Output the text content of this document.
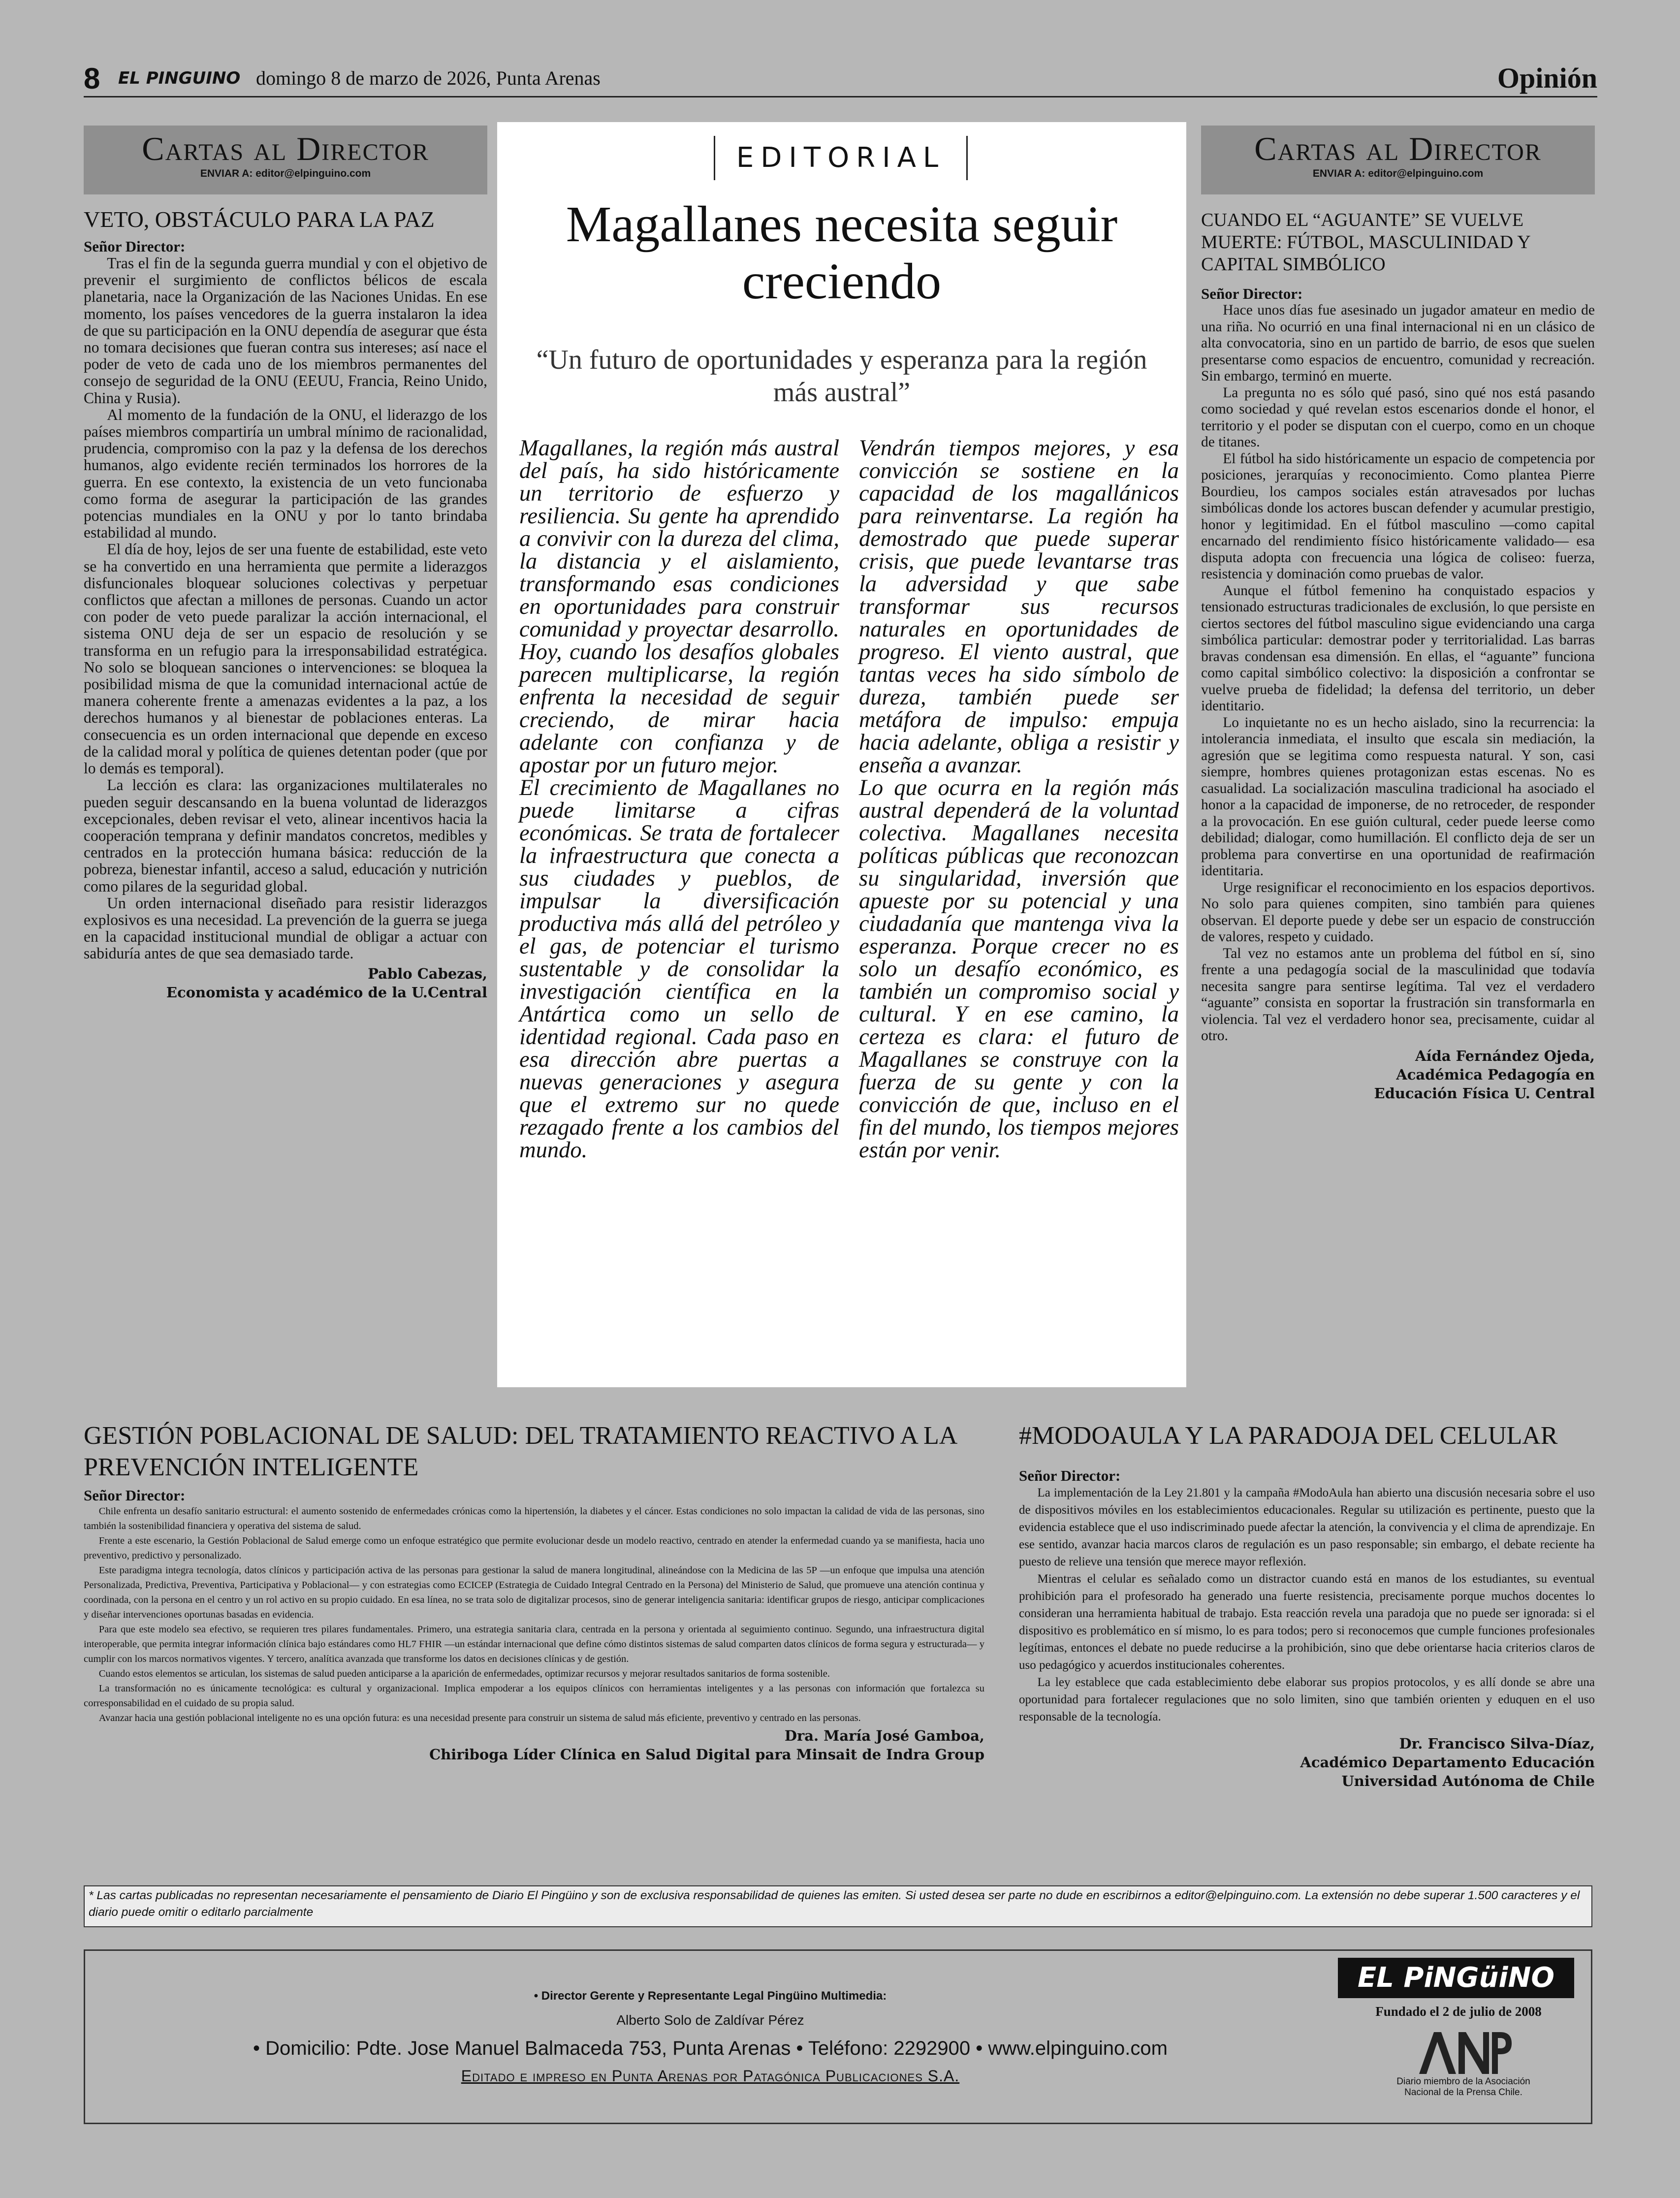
8 EL PINGUINO domingo 8 de marzo de 2026, Punta Arenas	Opinión
Cartas al Director
ENVIAR A: editor@elpinguino.com
VETO, OBSTÁCULO PARA LA PAZ
Señor Director:

Tras el fin de la segunda guerra mundial y con el objetivo de prevenir el surgimiento de conflictos bélicos de escala planetaria, nace la Organización de las Naciones Unidas. En ese momento, los países vencedores de la guerra instalaron la idea de que su participación en la ONU dependía de asegurar que ésta no tomara decisiones que fueran contra sus intereses; así nace el poder de veto de cada uno de los miembros permanentes del consejo de seguridad de la ONU (EEUU, Francia, Reino Unido, China y Rusia).

Al momento de la fundación de la ONU, el liderazgo de los países miembros compartiría un umbral mínimo de racionalidad, prudencia, compromiso con la paz y la defensa de los derechos humanos, algo evidente recién terminados los horrores de la guerra. En ese contexto, la existencia de un veto funcionaba como forma de asegurar la participación de las grandes potencias mundiales en la ONU y por lo tanto brindaba estabilidad al mundo.

El día de hoy, lejos de ser una fuente de estabilidad, este veto se ha convertido en una herramienta que permite a liderazgos disfuncionales bloquear soluciones colectivas y perpetuar conflictos que afectan a millones de personas. Cuando un actor con poder de veto puede paralizar la acción internacional, el sistema ONU deja de ser un espacio de resolución y se transforma en un refugio para la irresponsabilidad estratégica. No solo se bloquean sanciones o intervenciones: se bloquea la posibilidad misma de que la comunidad internacional actúe de manera coherente frente a amenazas evidentes a la paz, a los derechos humanos y al bienestar de poblaciones enteras. La consecuencia es un orden internacional que depende en exceso de la calidad moral y política de quienes detentan poder (que por lo demás es temporal).

La lección es clara: las organizaciones multilaterales no pueden seguir descansando en la buena voluntad de liderazgos excepcionales, deben revisar el veto, alinear incentivos hacia la cooperación temprana y definir mandatos concretos, medibles y centrados en la protección humana básica: reducción de la pobreza, bienestar infantil, acceso a salud, educación y nutrición como pilares de la seguridad global.

Un orden internacional diseñado para resistir liderazgos explosivos es una necesidad. La prevención de la guerra se juega en la capacidad institucional mundial de obligar a actuar con sabiduría antes de que sea demasiado tarde.

Pablo Cabezas,
Economista y académico de la U.Central
EDITORIAL
Magallanes necesita seguir creciendo
“Un futuro de oportunidades y esperanza para la región más austral”

Magallanes, la región más austral del país, ha sido históricamente un territorio de esfuerzo y resiliencia. Su gente ha aprendido a convivir con la dureza del clima, la distancia y el aislamiento, transformando esas condiciones en oportunidades para construir comunidad y proyectar desarrollo. Hoy, cuando los desafíos globales parecen multiplicarse, la región enfrenta la necesidad de seguir creciendo, de mirar hacia adelante con confianza y de apostar por un futuro mejor.

El crecimiento de Magallanes no puede limitarse a cifras económicas. Se trata de fortalecer la infraestructura que conecta a sus ciudades y pueblos, de impulsar la diversificación productiva más allá del petróleo y el gas, de potenciar el turismo sustentable y de consolidar la investigación científica en la Antártica como un sello de identidad regional. Cada paso en esa dirección abre puertas a nuevas generaciones y asegura que el extremo sur no quede rezagado frente a los cambios del mundo.

Vendrán tiempos mejores, y esa convicción se sostiene en la capacidad de los magallánicos para reinventarse. La región ha demostrado que puede superar crisis, que puede levantarse tras la adversidad y que sabe transformar sus recursos naturales en oportunidades de progreso. El viento austral, que tantas veces ha sido símbolo de dureza, también puede ser metáfora de impulso: empuja hacia adelante, obliga a resistir y enseña a avanzar.

Lo que ocurra en la región más austral dependerá de la voluntad colectiva. Magallanes necesita políticas públicas que reconozcan su singularidad, inversión que apueste por su potencial y una ciudadanía que mantenga viva la esperanza. Porque crecer no es solo un desafío económico, es también un compromiso social y cultural. Y en ese camino, la certeza es clara: el futuro de Magallanes se construye con la fuerza de su gente y con la convicción de que, incluso en el fin del mundo, los tiempos mejores están por venir.

Cartas al Director
ENVIAR A: editor@elpinguino.com
CUANDO EL “AGUANTE” SE VUELVE MUERTE: FÚTBOL, MASCULINIDAD Y CAPITAL SIMBÓLICO
Señor Director:

Hace unos días fue asesinado un jugador amateur en medio de una riña. No ocurrió en una final internacional ni en un clásico de alta convocatoria, sino en un partido de barrio, de esos que suelen presentarse como espacios de encuentro, comunidad y recreación. Sin embargo, terminó en muerte.

La pregunta no es sólo qué pasó, sino qué nos está pasando como sociedad y qué revelan estos escenarios donde el honor, el territorio y el poder se disputan con el cuerpo, como en un choque de titanes.

El fútbol ha sido históricamente un espacio de competencia por posiciones, jerarquías y reconocimiento. Como plantea Pierre Bourdieu, los campos sociales están atravesados por luchas simbólicas donde los actores buscan defender y acumular prestigio, honor y legitimidad. En el fútbol masculino —como capital encarnado del rendimiento físico históricamente validado— esa disputa adopta con frecuencia una lógica de coliseo: fuerza, resistencia y dominación como pruebas de valor.

Aunque el fútbol femenino ha conquistado espacios y tensionado estructuras tradicionales de exclusión, lo que persiste en ciertos sectores del fútbol masculino sigue evidenciando una carga simbólica particular: demostrar poder y territorialidad. Las barras bravas condensan esa dimensión. En ellas, el “aguante” funciona como capital simbólico colectivo: la disposición a confrontar se vuelve prueba de fidelidad; la defensa del territorio, un deber identitario.

Lo inquietante no es un hecho aislado, sino la recurrencia: la intolerancia inmediata, el insulto que escala sin mediación, la agresión que se legitima como respuesta natural. Y son, casi siempre, hombres quienes protagonizan estas escenas. No es casualidad. La socialización masculina tradicional ha asociado el honor a la capacidad de imponerse, de no retroceder, de responder a la provocación. En ese guión cultural, ceder puede leerse como debilidad; dialogar, como humillación. El conflicto deja de ser un problema para convertirse en una oportunidad de reafirmación identitaria.

Urge resignificar el reconocimiento en los espacios deportivos. No solo para quienes compiten, sino también para quienes observan. El deporte puede y debe ser un espacio de construcción de valores, respeto y cuidado.

Tal vez no estamos ante un problema del fútbol en sí, sino frente a una pedagogía social de la masculinidad que todavía necesita sangre para sentirse legítima. Tal vez el verdadero “aguante” consista en soportar la frustración sin transformarla en violencia. Tal vez el verdadero honor sea, precisamente, cuidar al otro.

Aída Fernández Ojeda,
Académica Pedagogía en
Educación Física U. Central
GESTIÓN POBLACIONAL DE SALUD: DEL TRATAMIENTO REACTIVO A LA PREVENCIÓN INTELIGENTE
Señor Director:

Chile enfrenta un desafío sanitario estructural: el aumento sostenido de enfermedades crónicas como la hipertensión, la diabetes y el cáncer. Estas condiciones no solo impactan la calidad de vida de las personas, sino también la sostenibilidad financiera y operativa del sistema de salud.

Frente a este escenario, la Gestión Poblacional de Salud emerge como un enfoque estratégico que permite evolucionar desde un modelo reactivo, centrado en atender la enfermedad cuando ya se manifiesta, hacia uno preventivo, predictivo y personalizado.

Este paradigma integra tecnología, datos clínicos y participación activa de las personas para gestionar la salud de manera longitudinal, alineándose con la Medicina de las 5P —un enfoque que impulsa una atención Personalizada, Predictiva, Preventiva, Participativa y Poblacional— y con estrategias como ECICEP (Estrategia de Cuidado Integral Centrado en la Persona) del Ministerio de Salud, que promueve una atención continua y coordinada, con la persona en el centro y un rol activo en su propio cuidado. En esa línea, no se trata solo de digitalizar procesos, sino de generar inteligencia sanitaria: identificar grupos de riesgo, anticipar complicaciones y diseñar intervenciones oportunas basadas en evidencia.

Para que este modelo sea efectivo, se requieren tres pilares fundamentales. Primero, una estrategia sanitaria clara, centrada en la persona y orientada al seguimiento continuo. Segundo, una infraestructura digital interoperable, que permita integrar información clínica bajo estándares como HL7 FHIR —un estándar internacional que define cómo distintos sistemas de salud comparten datos clínicos de forma segura y estructurada— y cumplir con los marcos normativos vigentes. Y tercero, analítica avanzada que transforme los datos en decisiones clínicas y de gestión.

Cuando estos elementos se articulan, los sistemas de salud pueden anticiparse a la aparición de enfermedades, optimizar recursos y mejorar resultados sanitarios de forma sostenible.

La transformación no es únicamente tecnológica: es cultural y organizacional. Implica empoderar a los equipos clínicos con herramientas inteligentes y a las personas con información que fortalezca su corresponsabilidad en el cuidado de su propia salud.

Avanzar hacia una gestión poblacional inteligente no es una opción futura: es una necesidad presente para construir un sistema de salud más eficiente, preventivo y centrado en las personas.

Dra. María José Gamboa,
Chiriboga Líder Clínica en Salud Digital para Minsait de Indra Group
#MODOAULA Y LA PARADOJA DEL CELULAR
Señor Director:

La implementación de la Ley 21.801 y la campaña #ModoAula han abierto una discusión necesaria sobre el uso de dispositivos móviles en los establecimientos educacionales. Regular su utilización es pertinente, puesto que la evidencia establece que el uso indiscriminado puede afectar la atención, la convivencia y el clima de aprendizaje. En ese sentido, avanzar hacia marcos claros de regulación es un paso responsable; sin embargo, el debate reciente ha puesto de relieve una tensión que merece mayor reflexión.

Mientras el celular es señalado como un distractor cuando está en manos de los estudiantes, su eventual prohibición para el profesorado ha generado una fuerte resistencia, precisamente porque muchos docentes lo consideran una herramienta habitual de trabajo. Esta reacción revela una paradoja que no puede ser ignorada: si el dispositivo es problemático en sí mismo, lo es para todos; pero si reconocemos que cumple funciones profesionales legítimas, entonces el debate no puede reducirse a la prohibición, sino que debe orientarse hacia criterios claros de uso pedagógico y acuerdos institucionales coherentes.

La ley establece que cada establecimiento debe elaborar sus propios protocolos, y es allí donde se abre una oportunidad para fortalecer regulaciones que no solo limiten, sino que también orienten y eduquen en el uso responsable de la tecnología.

Dr. Francisco Silva-Díaz,
Académico Departamento Educación
Universidad Autónoma de Chile
* Las cartas publicadas no representan necesariamente el pensamiento de Diario El Pingüino y son de exclusiva responsabilidad de quienes las emiten. Si usted desea ser parte no dude en escribirnos a editor@elpinguino.com. La extensión no debe superar 1.500 caracteres y el diario puede omitir o editarlo parcialmente
• Director Gerente y Representante Legal Pingüino Multimedia:
Alberto Solo de Zaldívar Pérez
• Domicilio: Pdte. Jose Manuel Balmaceda 753, Punta Arenas • Teléfono: 2292900 • www.elpinguino.com
Editado e impreso en Punta Arenas por Patagónica Publicaciones S.A.
EL PiNGüiNO
Fundado el 2 de julio de 2008
Diario miembro de la Asociación
Nacional de la Prensa Chile.
